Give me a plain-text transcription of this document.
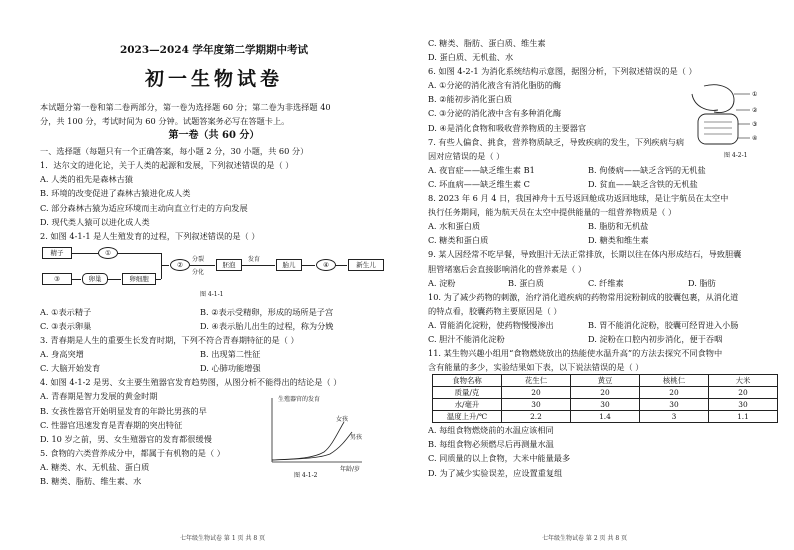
2023—2024 学年度第二学期期中考试
初一生物试卷
本试题分第一卷和第二卷两部分，第一卷为选择题 60 分；第二卷为非选择题 40
分，共 100 分，考试时间为 60 分钟。试题答案务必写在答题卡上。
第一卷（共 60 分）
一、选择题（每题只有一个正确答案，每小题 2 分，30 小题，共 60 分）
1．达尔文的进化论，关于人类的起源和发展，下列叙述错误的是（ ）
A. 人类的祖先是森林古猿
B. 环境的改变促进了森林古猿进化成人类
C. 部分森林古猿为适应环境而主动向直立行走的方向发展
D. 现代类人猿可以进化成人类
2. 如图 4-1-1 是人生殖发育的过程，下列叙述错误的是（ ）
精子
③	卵巢
①
卵细胞
②
分裂
分化
胚泡
发育
胎儿	④	新生儿
图 4-1-1
A. ①表示精子	B. ②表示受精卵，形成的场所是子宫
C. ③表示卵巢	D. ④表示胎儿出生的过程，称为分娩
3. 青春期是人生的重要生长发育时期，下列不符合青春期特征的是（ ）
A. 身高突增	B. 出现第二性征
C. 大脑开始发育	D. 心肺功能增强
4. 如图 4-1-2 是男、女主要生殖器官发育趋势图，从图分析不能得出的结论是（ ）
A. 青春期是智力发展的黄金时期
B. 女孩性器官开始明显发育的年龄比男孩的早
C. 性器官迅速发育是青春期的突出特征
D. 10 岁之前，男、女生殖器官的发育都很缓慢
5. 食物的六类营养成分中，都属于有机物的是（ ）
A. 糖类、水、无机盐、蛋白质
B. 糖类、脂肪、维生素、水
生殖器官的发育
女孩
男孩
年龄/岁
图 4-1-2
七年级生物试卷 第 1 页 共 8 页
C. 糖类、脂肪、蛋白质、维生素
D. 蛋白质、无机盐、水
6. 如图 4-2-1 为消化系统结构示意图，据图分析，下列叙述错误的是（ ）
A. ①分泌的消化液含有消化脂肪的酶
B. ②能初步消化蛋白质
C. ③分泌的消化液中含有多种消化酶
D. ④是消化食物和吸收营养物质的主要器官
7. 有些人偏食、挑食，营养物质缺乏，导致疾病的发生，下列疾病与病
因对应错误的是（ ）
①
②
③
④
图 4-2-1
A. 夜盲症——缺乏维生素 B1	B. 佝偻病——缺乏含钙的无机盐
C. 坏血病——缺乏维生素 C	D. 贫血——缺乏含铁的无机盐
8. 2023 年 6 月 4 日，我国神舟十五号返回舱成功返回地球，是让宇航员在太空中
执行任务期间，能为航天员在太空中提供能量的一组营养物质是（ ）
A. 水和蛋白质	B. 脂肪和无机盐
C. 糖类和蛋白质	D. 糖类和维生素
9. 某人因经常不吃早餐，导致胆汁无法正常排放，长期以往在体内形成结石，导致胆囊
胆管堵塞后会直接影响消化的营养素是（ ）
A. 淀粉	B. 蛋白质	C. 纤维素	D. 脂肪
10. 为了减少药物的刺激，治疗消化道疾病的药物常用淀粉制成的胶囊包裹，从消化道
的特点看，胶囊药物主要原因是（ ）
A. 胃能消化淀粉，使药物慢慢渗出	B. 胃不能消化淀粉，胶囊可经胃进入小肠
C. 胆汁不能消化淀粉	D. 淀粉在口腔内初步消化，便于吞咽
11. 某生物兴趣小组用“食物燃烧放出的热能使水温升高”的方法去探究不同食物中
含有能量的多少，实验结果如下表，以下说法错误的是（ ）
食物名称	花生仁	黄豆	核桃仁	大米
质量/克	20	20	20	20
水/毫升	30	30	30	30
温度上升/℃	2.2	1.4	3	1.1
A. 每组食物燃烧前的水温应该相同
B. 每组食物必须燃尽后再测量水温
C. 同质量的以上食物，大米中能量最多
D. 为了减少实验误差，应设置重复组
七年级生物试卷 第 2 页 共 8 页
